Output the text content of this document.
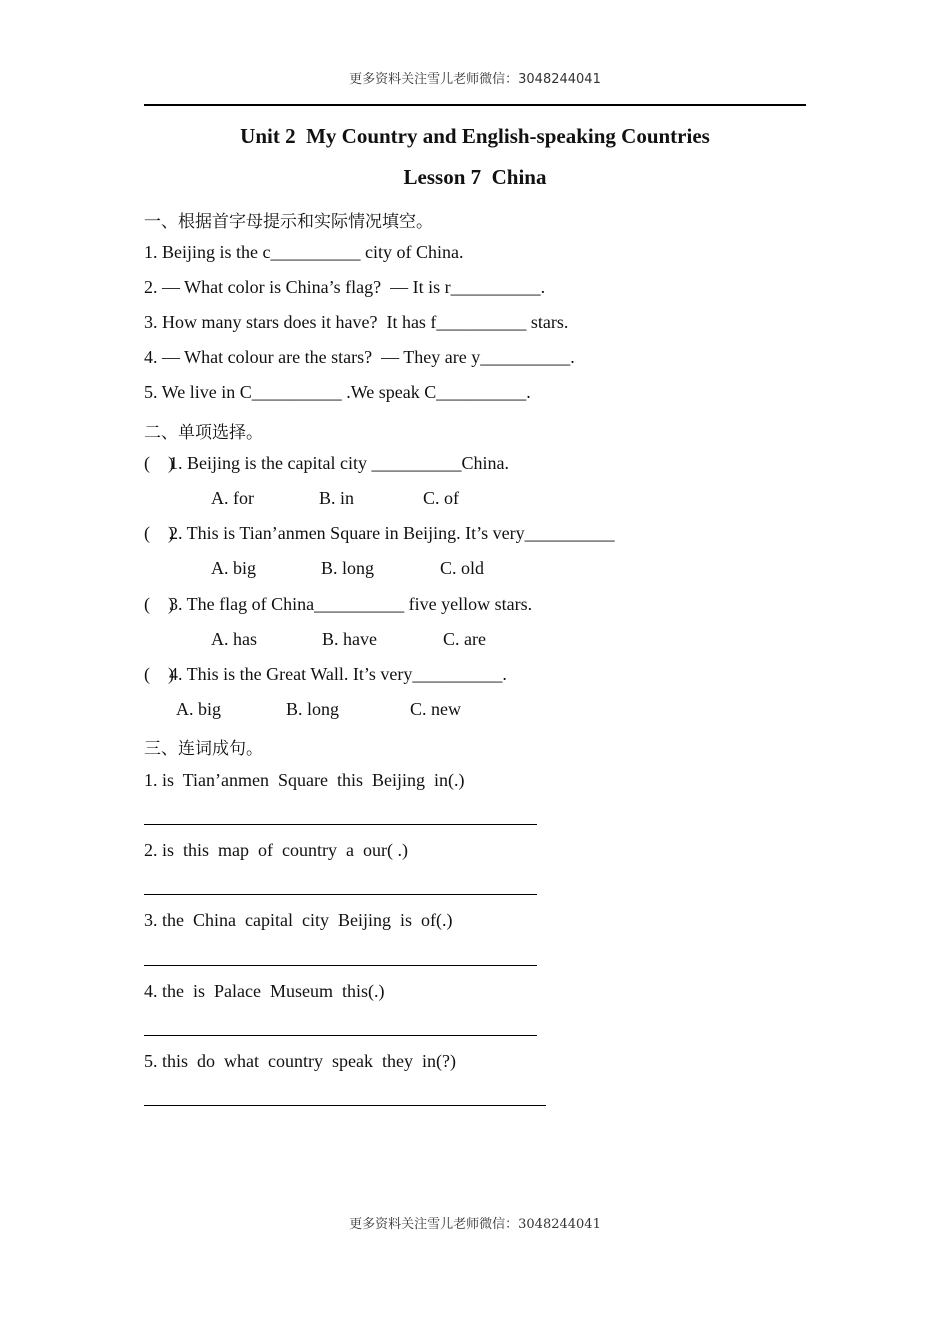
更多资料关注雪儿老师微信：3048244041
Unit 2  My Country and English-speaking Countries
Lesson 7  China
一、根据首字母提示和实际情况填空。
1. Beijing is the c__________ city of China.
2. — What color is China’s flag?  — It is r__________.
3. How many stars does it have?  It has f__________ stars.
4. — What colour are the stars?  — They are y__________.
5. We live in C__________ .We speak C__________.
二、单项选择。
(    )
1. Beijing is the capital city __________China.
A. for	B. in	C. of
(    )
2. This is Tian’anmen Square in Beijing. It’s very__________
A. big	B. long	C. old
(    )
3. The flag of China__________ five yellow stars.
A. has	B. have	C. are
(    )
4. This is the Great Wall. It’s very__________.
A. big	B. long	C. new
三、连词成句。
1. is  Tian’anmen  Square  this  Beijing  in(.)
2. is  this  map  of  country  a  our( .)
3. the  China  capital  city  Beijing  is  of(.)
4. the  is  Palace  Museum  this(.)
5. this  do  what  country  speak  they  in(?)
更多资料关注雪儿老师微信：3048244041
